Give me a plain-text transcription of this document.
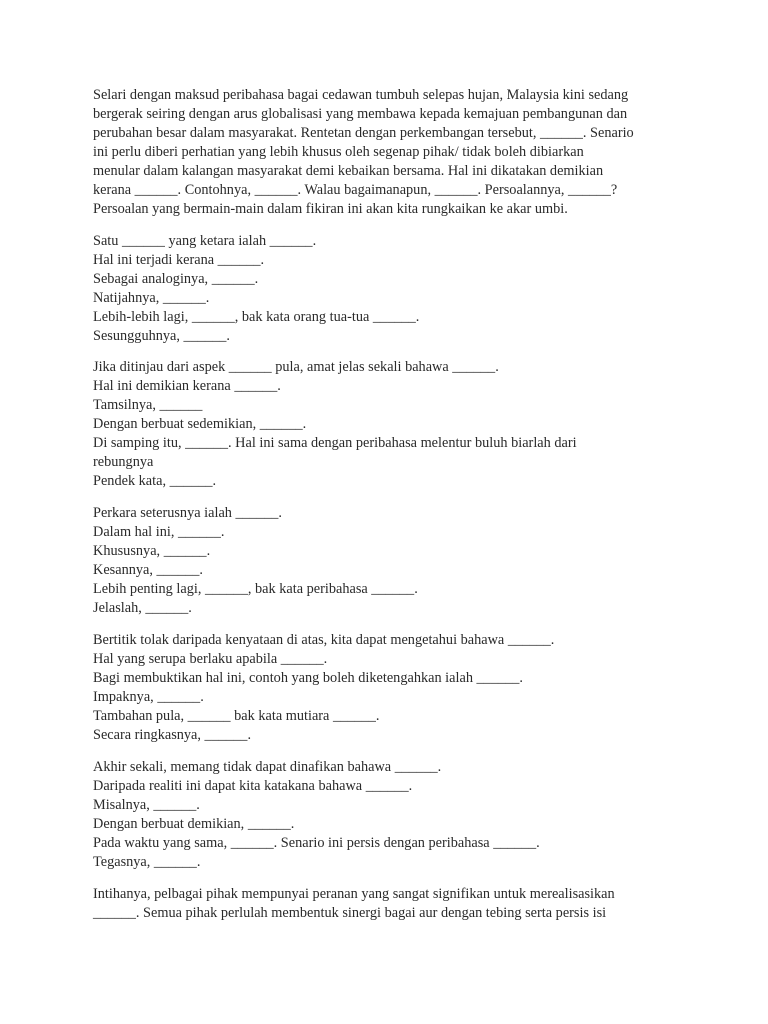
Selari dengan maksud peribahasa bagai cedawan tumbuh selepas hujan, Malaysia kini sedang
bergerak seiring dengan arus globalisasi yang membawa kepada kemajuan pembangunan dan
perubahan besar dalam masyarakat. Rentetan dengan perkembangan tersebut, ______. Senario
ini perlu diberi perhatian yang lebih khusus oleh segenap pihak/ tidak boleh dibiarkan
menular dalam kalangan masyarakat demi kebaikan bersama. Hal ini dikatakan demikian
kerana ______. Contohnya, ______. Walau bagaimanapun, ______. Persoalannya, ______?
Persoalan yang bermain-main dalam fikiran ini akan kita rungkaikan ke akar umbi.

Satu ______ yang ketara ialah ______.
Hal ini terjadi kerana ______.
Sebagai analoginya, ______.
Natijahnya, ______.
Lebih-lebih lagi, ______, bak kata orang tua-tua ______.
Sesungguhnya, ______.

Jika ditinjau dari aspek ______ pula, amat jelas sekali bahawa ______.
Hal ini demikian kerana ______.
Tamsilnya, ______
Dengan berbuat sedemikian, ______.
Di samping itu, ______. Hal ini sama dengan peribahasa melentur buluh biarlah dari
rebungnya
Pendek kata, ______.

Perkara seterusnya ialah ______.
Dalam hal ini, ______.
Khususnya, ______.
Kesannya, ______.
Lebih penting lagi, ______, bak kata peribahasa ______.
Jelaslah, ______.

Bertitik tolak daripada kenyataan di atas, kita dapat mengetahui bahawa ______.
Hal yang serupa berlaku apabila ______.
Bagi membuktikan hal ini, contoh yang boleh diketengahkan ialah ______.
Impaknya, ______.
Tambahan pula, ______ bak kata mutiara ______.
Secara ringkasnya, ______.

Akhir sekali, memang tidak dapat dinafikan bahawa ______.
Daripada realiti ini dapat kita katakana bahawa ______.
Misalnya, ______.
Dengan berbuat demikian, ______.
Pada waktu yang sama, ______. Senario ini persis dengan peribahasa ______.
Tegasnya, ______.

Intihanya, pelbagai pihak mempunyai peranan yang sangat signifikan untuk merealisasikan
______. Semua pihak perlulah membentuk sinergi bagai aur dengan tebing serta persis isi
